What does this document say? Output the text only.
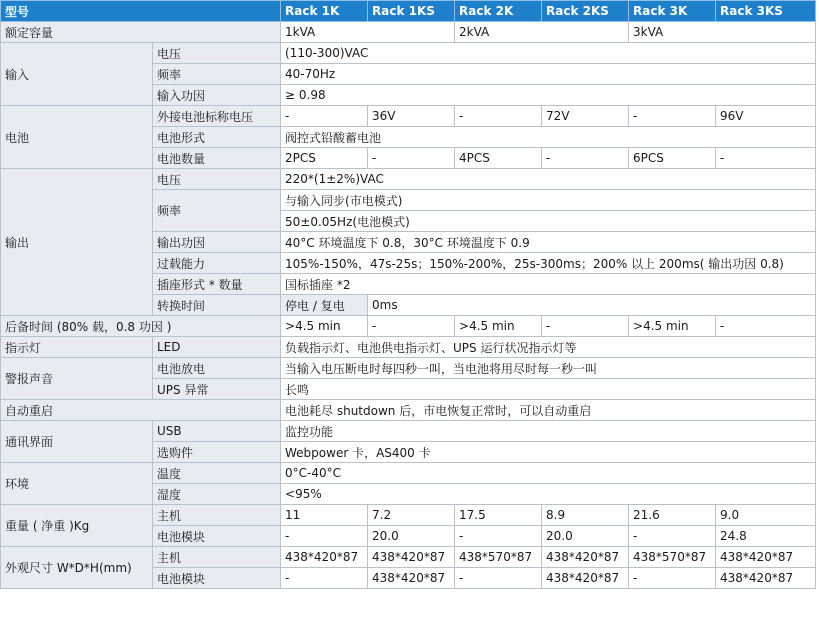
型号		Rack 1K	Rack 1KS	Rack 2K	Rack 2KS	Rack 3K	Rack 3KS
额定容量		1kVA		2kVA		3kVA	
输入	电压	(110-300)VAC					
	频率	40-70Hz					
	输入功因	≥ 0.98					
电池	外接电池标称电压	-	36V	-	72V	-	96V
	电池形式	阀控式铅酸蓄电池					
	电池数量	2PCS	-	4PCS	-	6PCS	-
输出	电压	220*(1±2%)VAC					
	频率	与输入同步(市电模式)					
		50±0.05Hz(电池模式)					
	输出功因	40°C 环境温度下 0.8，30°C 环境温度下 0.9					
	过载能力	105%-150%，47s-25s；150%-200%，25s-300ms；200% 以上 200ms( 输出功因 0.8)					
	插座形式 * 数量	国标插座 *2					
	转换时间	停电 / 复电	0ms				
后备时间 (80% 载，0.8 功因 )		>4.5 min	-	>4.5 min	-	>4.5 min	-
指示灯	LED	负载指示灯、电池供电指示灯、UPS 运行状况指示灯等					
警报声音	电池放电	当输入电压断电时每四秒一叫，当电池将用尽时每一秒一叫					
	UPS 异常	长鸣					
自动重启		电池耗尽 shutdown 后，市电恢复正常时，可以自动重启					
通讯界面	USB	监控功能					
	选购件	Webpower 卡，AS400 卡					
环境	温度	0°C-40°C					
	湿度	<95%					
重量 ( 净重 )Kg	主机	11	7.2	17.5	8.9	21.6	9.0
	电池模块	-	20.0	-	20.0	-	24.8
外观尺寸 W*D*H(mm)	主机	438*420*87	438*420*87	438*570*87	438*420*87	438*570*87	438*420*87
	电池模块	-	438*420*87	-	438*420*87	-	438*420*87
